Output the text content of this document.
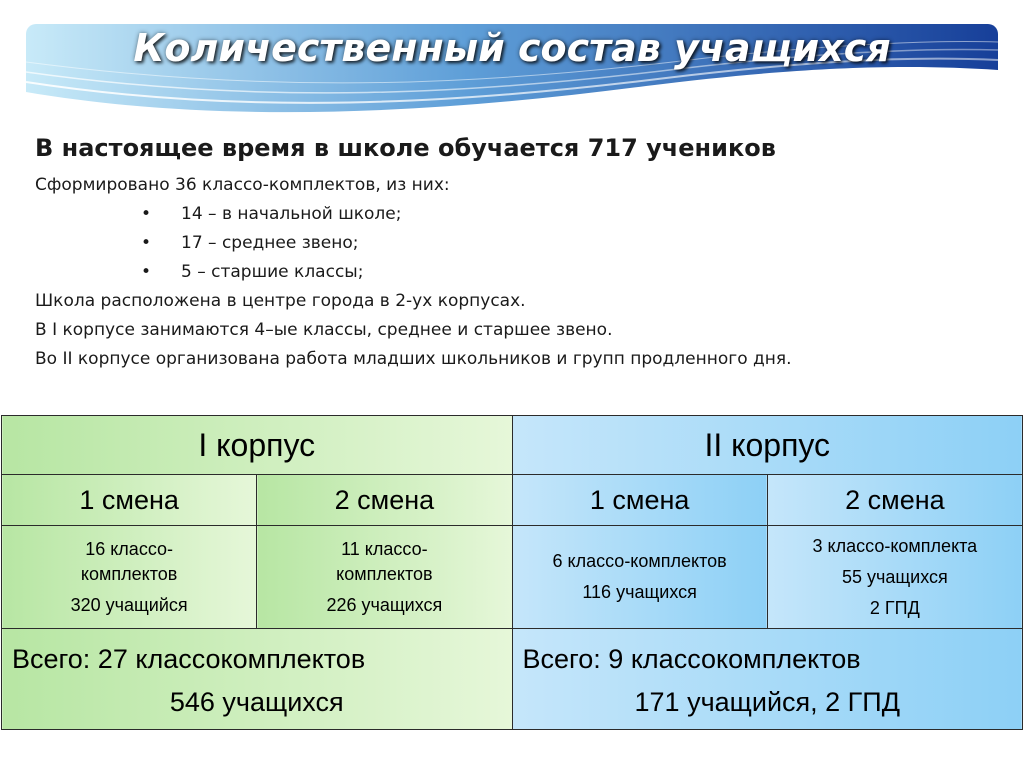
Количественный состав учащихся

В настоящее время в школе обучается 717 учеников

Сформировано 36 классо-комплектов, из них:

• 14 – в начальной школе;
• 17 – среднее звено;
• 5 – старшие классы;

Школа расположена в центре города в 2-ух корпусах.

В I корпусе занимаются 4–ые классы, среднее и старшее звено.

Во II корпусе организована работа младших школьников и групп продленного дня.

I корпус		II корпус	
1 смена	2 смена	1 смена	2 смена

16 классо-
комплектов
320 учащийся	11 классо-
комплектов
226 учащихся	6 классо-комплектов
116 учащихся	3 классо-комплекта
55 учащихся
2 ГПД

Всего: 27 классокомплектов
546 учащихся		Всего: 9 классокомплектов
171 учащийся, 2 ГПД	
